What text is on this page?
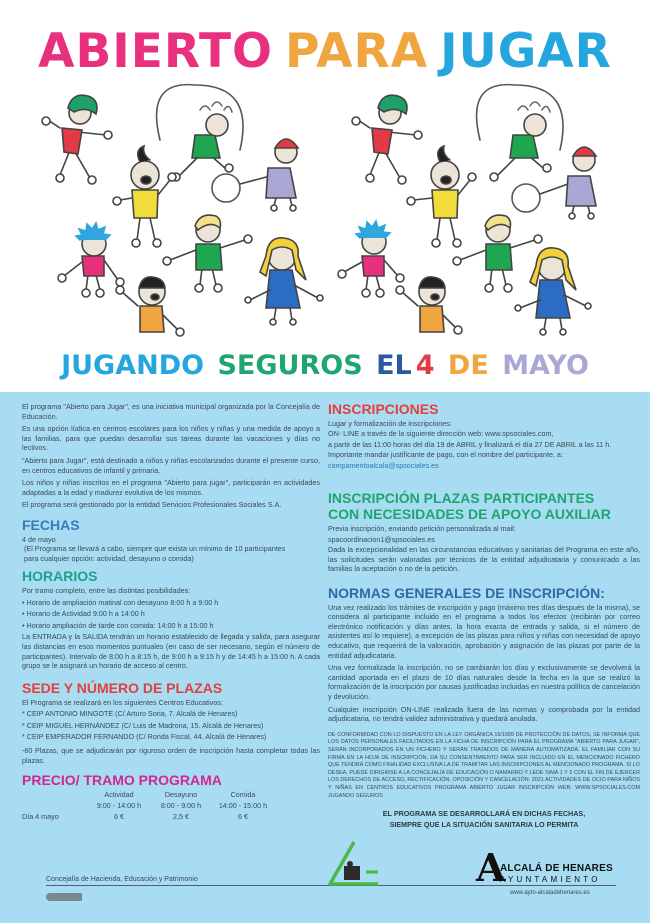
ABIERTO PARA JUGAR
JUGANDO SEGUROS EL 4 DE MAYO

El programa "Abierto para Jugar", es una iniciativa municipal organizada por la Concejalía de Educación.

Es una opción lúdica en centros escolares para los niños y niñas y una medida de apoyo a las familias, para que puedan desarrollar sus tareas durante las vacaciones y días no lectivos.

"Abierto para Jugar", está destinado a niños y niñas escolarizados durante el presente curso, en centros educativos de infantil y primaria.

Los niños y niñas inscritos en el programa "Abierto para jugar", participarán en actividades adaptadas a la edad y madurez evolutiva de los mismos.

El programa será gestionado por la entidad Servicios Profesionales Sociales S.A.

FECHAS
4 de mayo
(El Programa se llevará a cabo, siempre que exista un mínimo de 10 participantes
para cualquier opción: actividad, desayuno o comida)
HORARIOS
Por tramo completo, entre las distintas posibilidades:
• Horario de ampliación matinal con desayuno 8:00 h a 9:00 h
• Horario de Actividad 9:00 h a 14:00 h
• Horario ampliación de tarde con comida: 14:00 h a 15:00 h

La ENTRADA y la SALIDA tendrán un horario establecido de llegada y salida, para asegurar las distancias en esos momentos puntuales (en caso de ser necesario, según el número de participantes). Intervalo de 8:00 h a 8:15 h, de 9:00 h a 9:15 h y de 14:45 h a 15:00 h. A cada grupo se le asignará un horario de acceso al centro.

SEDE Y NÚMERO DE PLAZAS
El Programa se realizará en los siguientes Centros Educativos:
* CEIP ANTONIO MINGOTE (C/ Arturo Soria, 7. Alcalá de Henares)
* CEIP MIGUEL HERNÁNDEZ (C/ Luis de Madrona, 15. Alcalá de Henares)
* CEIP EMPERADOR FERNANDO (C/ Ronda Fiscal, 44. Alcalá de Henares)

-60 Plazas, que se adjudicarán por riguroso orden de inscripción hasta completar todas las plazas.

PRECIO/ TRAMO PROGRAMA
	Actividad	Desayuno	Comida
	9:00 - 14:00 h	8:00 - 9:00 h	14:00 - 15:00 h
Día 4 mayo	6 €	2,5 €	6 €
INSCRIPCIONES
Lugar y formalización de inscripciones:
ON- LINE a través de la siguiente dirección web: www.spsociales.com,
a partir de las 11:00 horas del día 19 de ABRIL y finalizará el día 27 DE ABRIL a las 11 h.
Importante mandar justificante de pago, con el nombre del participante, a:
campamentoalcala@spsociales.es
INSCRIPCIÓN PLAZAS PARTICIPANTES
CON NECESIDADES DE APOYO AUXILIAR
Previa inscripción, enviando petición personalizada al mail:
spacoordinacion1@spsociales.es

Dada la excepcionalidad en las circunstancias educativas y sanitarias del Programa en este año, las solicitudes serán valoradas por técnicos de la entidad adjudicataria y comunicado a las familias la aceptación o no de la petición.

NORMAS GENERALES DE INSCRIPCIÓN:

Una vez realizado los trámites de inscripción y pago (máximo tres días después de la misma), se considera al participante incluido en el programa a todos los efectos (recibirán por correo electrónico notificación y días antes, la hora exacta de entrada y salida, si el número de asistentes así lo requiere), a excepción de las plazas para niños y niñas con necesidad de apoyo educativo, que requerirá de la valoración, aprobación y asignación de las plazas por parte de la entidad adjudicataria.

Una vez formalizada la inscripción, no se cambiarán los días y exclusivamente se devolverá la cantidad aportada en el plazo de 10 días naturales desde la fecha en la que se realizó la formalización de la inscripción por causas justificadas incluidas en nuestra política de cancelación y devolución.

Cualquier inscripción ON-LINE realizada fuera de las normas y comprobada por la entidad adjudicataria, no tendrá validez administrativa y quedará anulada.

DE CONFORMIDAD CON LO DISPUESTO EN LA LEY ORGÁNICA 15/1999 DE PROTECCIÓN DE DATOS, SE INFORMA QUE LOS DATOS PERSONALES FACILITADOS EN LA FICHA DE INSCRIPCIÓN PARA EL PROGRAMA "ABIERTO PARA JUGAR", SERÁN INCORPORADOS EN UN FICHERO Y SERÁN TRATADOS DE MANERA AUTOMATIZADA. EL FAMILIAR CON SU FIRMA EN LA HOJA DE INSCRIPCIÓN, DA SU CONSENTIMIENTO PARA SER INCLUIDO EN EL MENCIONADO FICHERO QUE TENDRÁ COMO FINALIDAD EXCLUSIVA LA DE TRAMITAR LAS INSCRIPCIONES AL MENCIONADO PROGRAMA. SI LO DESEA, PUEDE DIRIGIRSE A LA CONCEJALÍA DE EDUCACIÓN O NAMARRO Y LEDE SIMA 1 Y 2 CON EL FIN DE EJERCER LOS DERECHOS DE ACCESO, RECTIFICACIÓN, OPOSICIÓN Y CANCELACIÓN. 2021 ACTIVIDADES DE OCIO PARA NIÑOS Y NIÑAS EN CENTROS EDUCATIVOS PROGRAMA ABIERTO JUGAR INSCRIPCIÓN WEB: WWW.SPSOCIALES.COM JUGANDO SEGUROS

EL PROGRAMA SE DESARROLLARÁ EN DICHAS FECHAS,
SIEMPRE QUE LA SITUACIÓN SANITARIA LO PERMITA
Concejalía de Hacienda, Educación y Patrimonio	A
ALCALÁ DE HENARES
AYUNTAMIENTO
www.ayto-alcaladehenares.es
